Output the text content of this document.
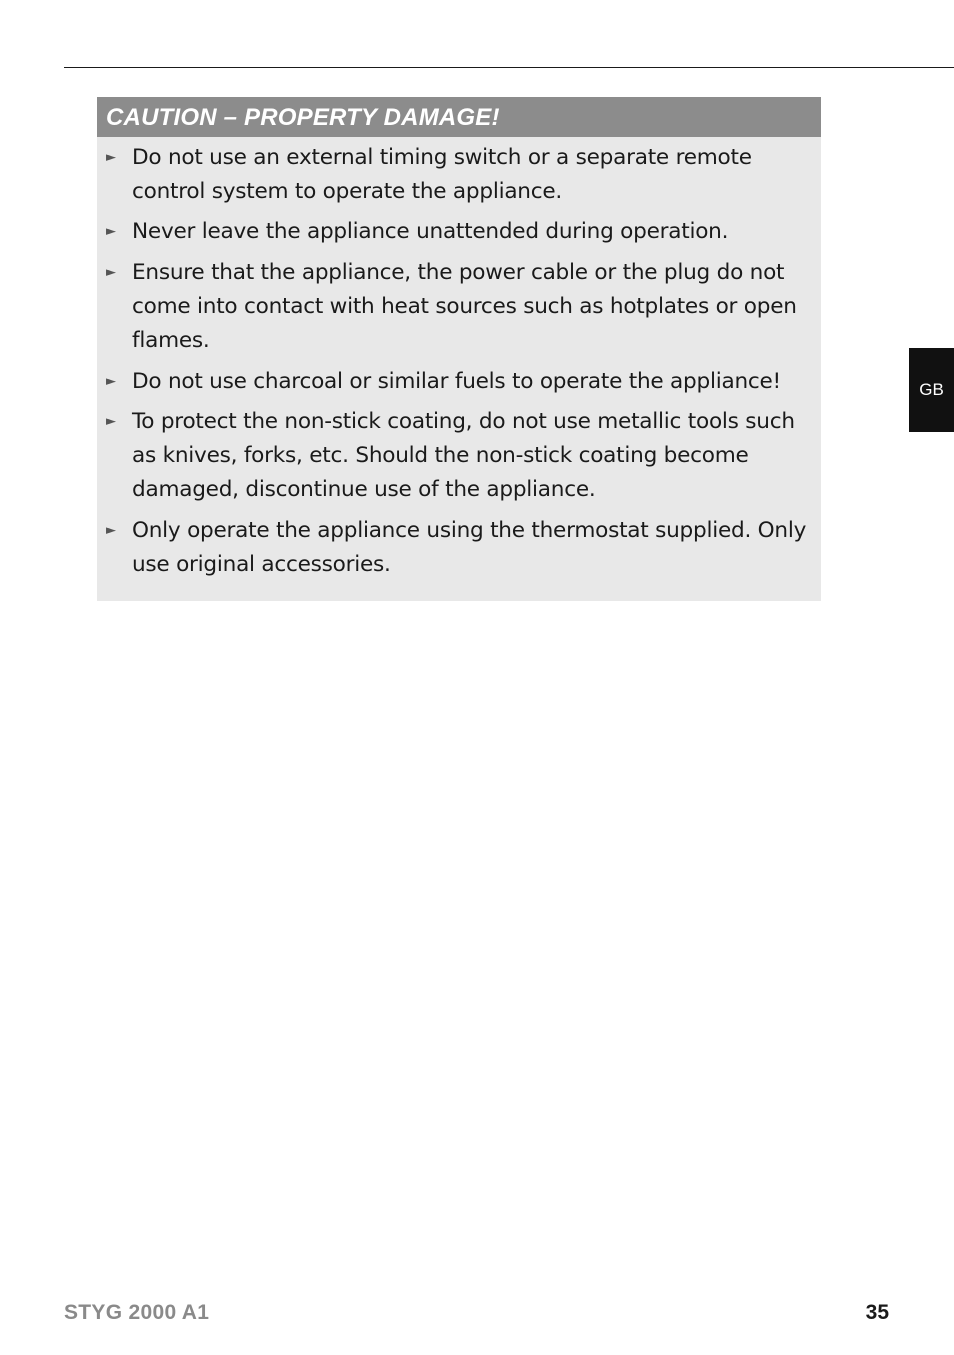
CAUTION – PROPERTY DAMAGE!
► Do not use an external timing switch or a separate remote control system to operate the appliance.
► Never leave the appliance unattended during operation.
► Ensure that the appliance, the power cable or the plug do not come into contact with heat sources such as hotplates or open flames.
► Do not use charcoal or similar fuels to operate the appliance!
► To protect the non-stick coating, do not use metallic tools such as knives, forks, etc. Should the non-stick coating become damaged, discontinue use of the appliance.
► Only operate the appliance using the thermostat supplied. Only use original accessories.
GB
STYG 2000 A1	35
